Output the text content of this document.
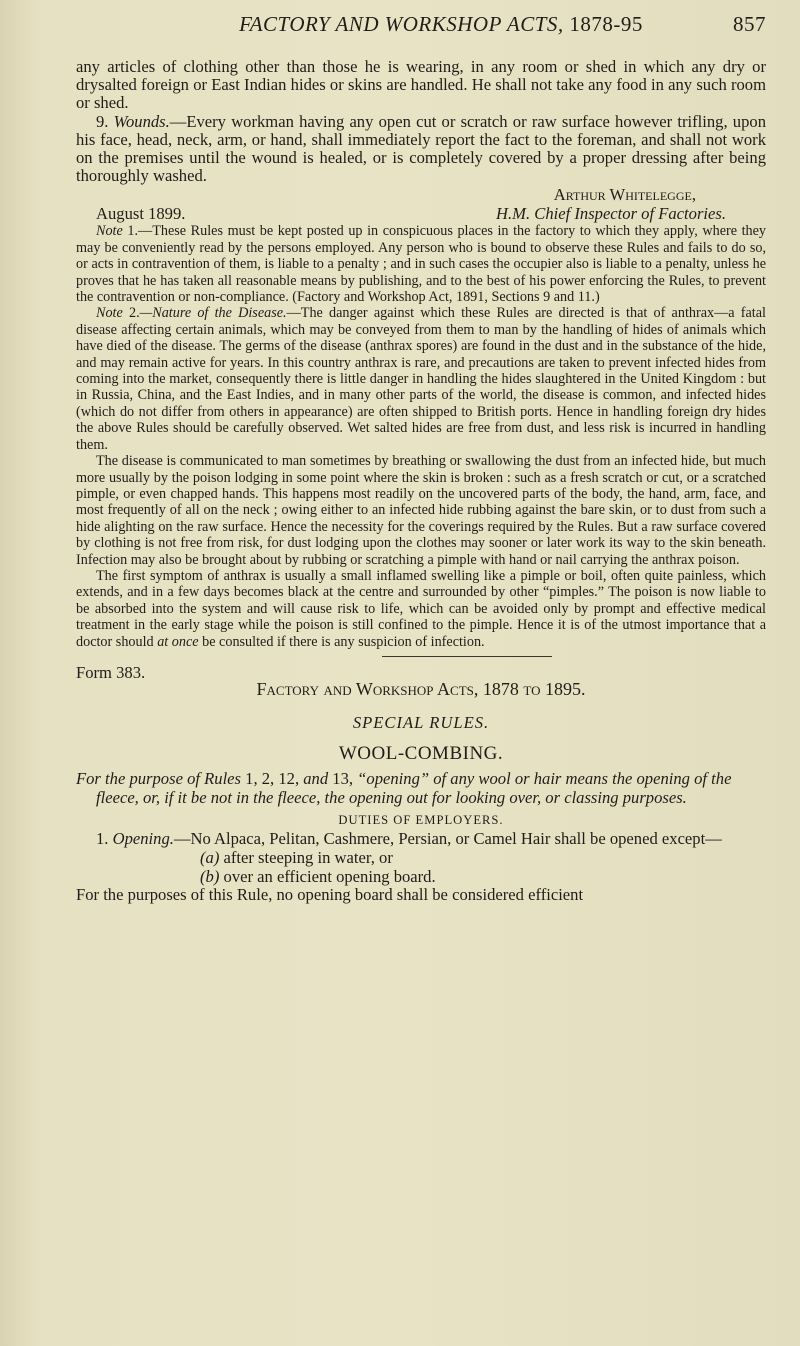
FACTORY AND WORKSHOP ACTS, 1878-95	857

any articles of clothing other than those he is wearing, in any room or shed in which any dry or drysalted foreign or East Indian hides or skins are handled. He shall not take any food in any such room or shed.

9. Wounds.—Every workman having any open cut or scratch or raw surface however trifling, upon his face, head, neck, arm, or hand, shall immediately report the fact to the foreman, and shall not work on the premises until the wound is healed, or is completely covered by a proper dressing after being thoroughly washed.

Arthur Whitelegge,
August 1899.	H.M. Chief Inspector of Factories.

Note 1.—These Rules must be kept posted up in conspicuous places in the factory to which they apply, where they may be conveniently read by the persons employed. Any person who is bound to observe these Rules and fails to do so, or acts in contravention of them, is liable to a penalty ; and in such cases the occupier also is liable to a penalty, unless he proves that he has taken all reasonable means by publishing, and to the best of his power enforcing the Rules, to prevent the contravention or non-compliance. (Factory and Workshop Act, 1891, Sections 9 and 11.)

Note 2.—Nature of the Disease.—The danger against which these Rules are directed is that of anthrax—a fatal disease affecting certain animals, which may be conveyed from them to man by the handling of hides of animals which have died of the disease. The germs of the disease (anthrax spores) are found in the dust and in the substance of the hide, and may remain active for years. In this country anthrax is rare, and precautions are taken to prevent infected hides from coming into the market, consequently there is little danger in handling the hides slaughtered in the United Kingdom : but in Russia, China, and the East Indies, and in many other parts of the world, the disease is common, and infected hides (which do not differ from others in appearance) are often shipped to British ports. Hence in handling foreign dry hides the above Rules should be carefully observed. Wet salted hides are free from dust, and less risk is incurred in handling them.

The disease is communicated to man sometimes by breathing or swallowing the dust from an infected hide, but much more usually by the poison lodging in some point where the skin is broken : such as a fresh scratch or cut, or a scratched pimple, or even chapped hands. This happens most readily on the uncovered parts of the body, the hand, arm, face, and most frequently of all on the neck ; owing either to an infected hide rubbing against the bare skin, or to dust from such a hide alighting on the raw surface. Hence the necessity for the coverings required by the Rules. But a raw surface covered by clothing is not free from risk, for dust lodging upon the clothes may sooner or later work its way to the skin beneath. Infection may also be brought about by rubbing or scratching a pimple with hand or nail carrying the anthrax poison.

The first symptom of anthrax is usually a small inflamed swelling like a pimple or boil, often quite painless, which extends, and in a few days becomes black at the centre and surrounded by other “pimples.” The poison is now liable to be absorbed into the system and will cause risk to life, which can be avoided only by prompt and effective medical treatment in the early stage while the poison is still confined to the pimple. Hence it is of the utmost importance that a doctor should at once be consulted if there is any suspicion of infection.

Form 383.
Factory and Workshop Acts, 1878 to 1895.
SPECIAL RULES.
WOOL-COMBING.
For the purpose of Rules 1, 2, 12, and 13, “opening” of any wool or hair means the opening of the fleece, or, if it be not in the fleece, the opening out for looking over, or classing purposes.
DUTIES OF EMPLOYERS.

1. Opening.—No Alpaca, Pelitan, Cashmere, Persian, or Camel Hair shall be opened except—

(a) after steeping in water, or
(b) over an efficient opening board.

For the purposes of this Rule, no opening board shall be considered efficient
